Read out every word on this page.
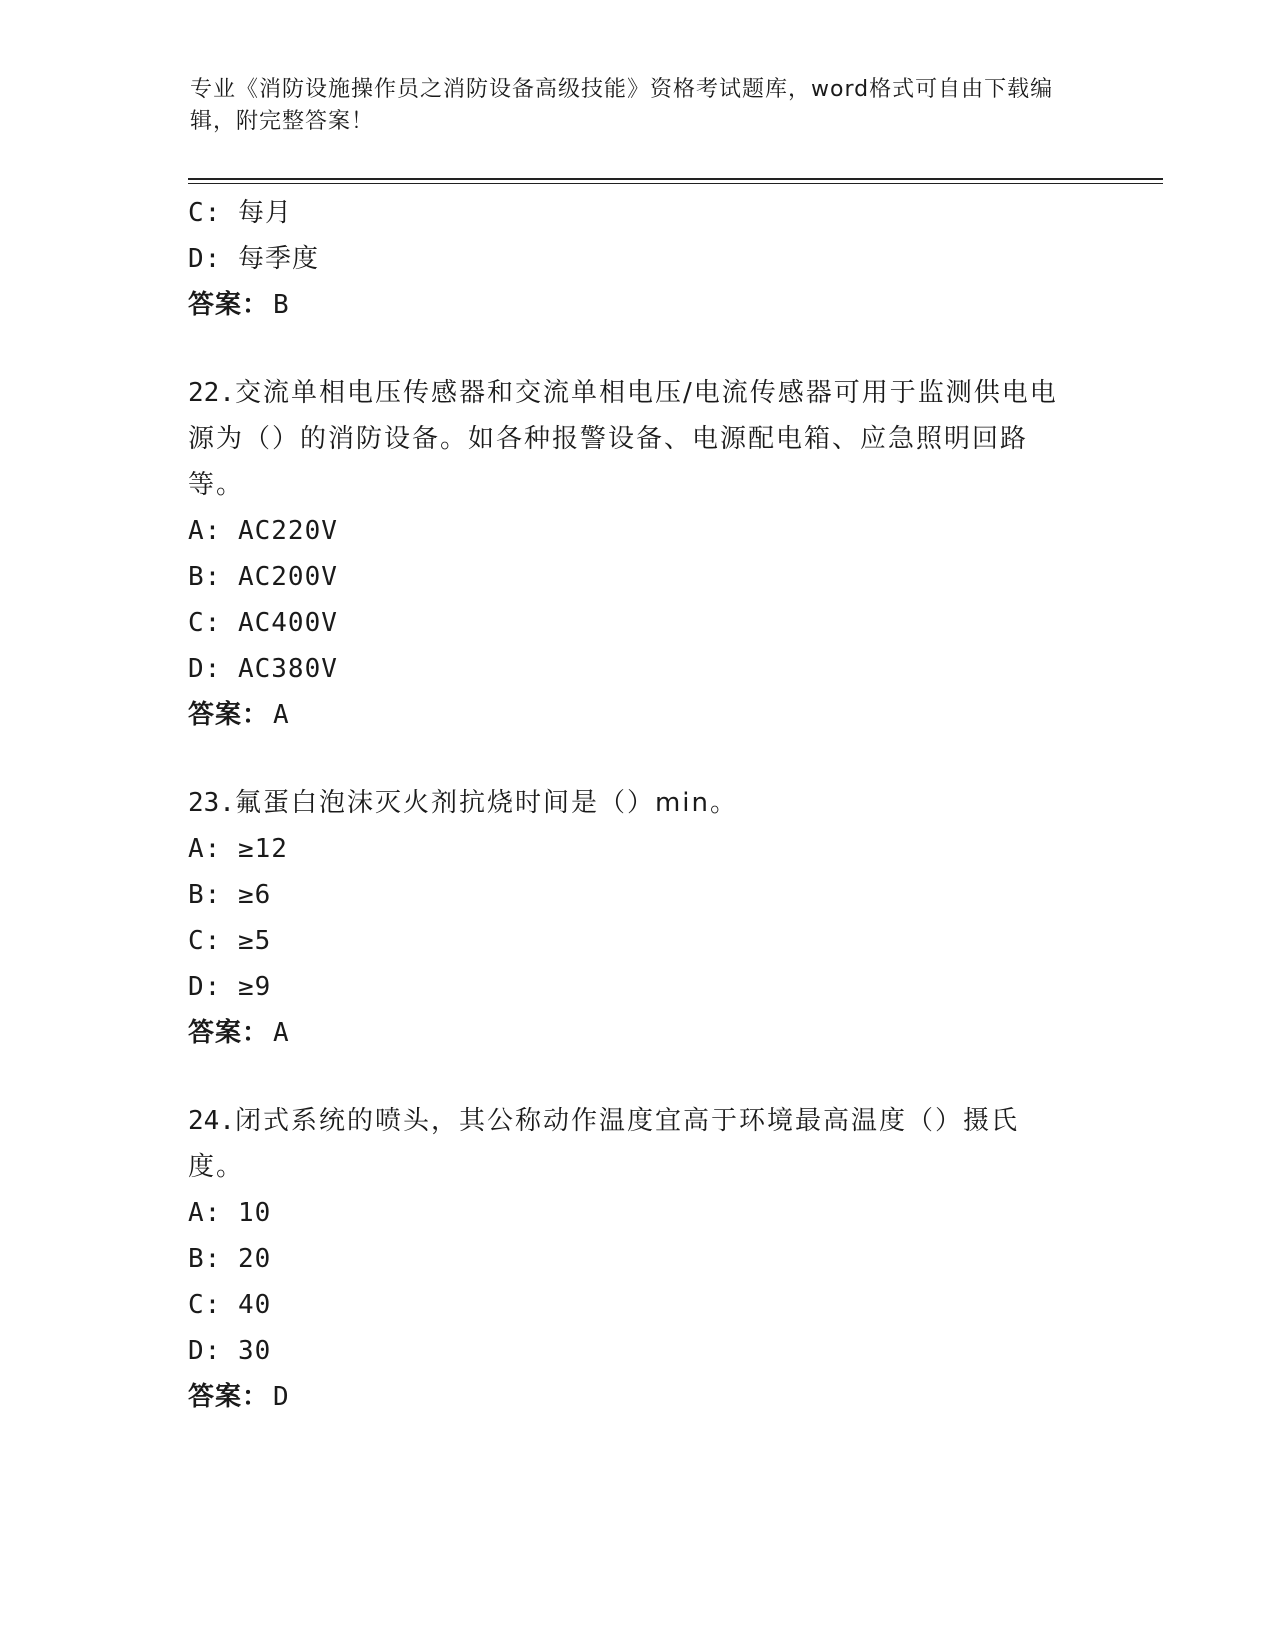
专业《消防设施操作员之消防设备高级技能》资格考试题库，word格式可自由下载编辑，附完整答案！
C: 每月
D: 每季度
答案： B
22.交流单相电压传感器和交流单相电压/电流传感器可用于监测供电电源为（）的消防设备。如各种报警设备、电源配电箱、应急照明回路等。
A: AC220V
B: AC200V
C: AC400V
D: AC380V
答案： A
23.氟蛋白泡沫灭火剂抗烧时间是（）min。
A: ≥12
B: ≥6
C: ≥5
D: ≥9
答案： A
24.闭式系统的喷头，其公称动作温度宜高于环境最高温度（）摄氏度。
A: 10
B: 20
C: 40
D: 30
答案： D
